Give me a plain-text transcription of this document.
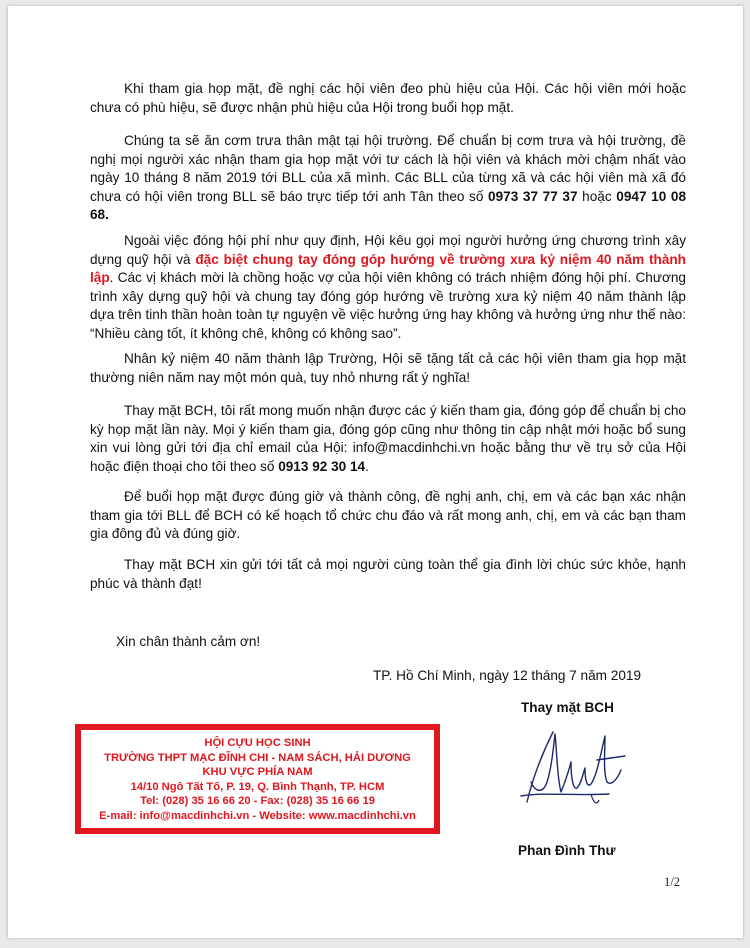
Khi tham gia họp mặt, đề nghị các hội viên đeo phù hiệu của Hội. Các hội viên mới hoặc chưa có phù hiệu, sẽ được nhận phù hiệu của Hội trong buổi họp mặt.

Chúng ta sẽ ăn cơm trưa thân mật tại hội trường. Để chuẩn bị cơm trưa và hội trường, đề nghị mọi người xác nhận tham gia họp mặt với tư cách là hội viên và khách mời chậm nhất vào ngày 10 tháng 8 năm 2019 tới BLL của xã mình. Các BLL của từng xã và các hội viên mà xã đó chưa có hội viên trong BLL sẽ báo trực tiếp tới anh Tân theo số 0973 37 77 37 hoặc 0947 10 08 68.

Ngoài việc đóng hội phí như quy định, Hội kêu gọi mọi người hưởng ứng chương trình xây dựng quỹ hội và đặc biệt chung tay đóng góp hướng về trường xưa kỷ niệm 40 năm thành lập. Các vị khách mời là chồng hoặc vợ của hội viên không có trách nhiệm đóng hội phí. Chương trình xây dựng quỹ hội và chung tay đóng góp hướng về trường xưa kỷ niệm 40 năm thành lập dựa trên tinh thần hoàn toàn tự nguyện về việc hưởng ứng hay không và hưởng ứng như thế nào: “Nhiều càng tốt, ít không chê, không có không sao”.

Nhân kỷ niệm 40 năm thành lập Trường, Hội sẽ tặng tất cả các hội viên tham gia họp mặt thường niên năm nay một món quà, tuy nhỏ nhưng rất ý nghĩa!

Thay mặt BCH, tôi rất mong muốn nhận được các ý kiến tham gia, đóng góp để chuẩn bị cho kỳ họp mặt lần này. Mọi ý kiến tham gia, đóng góp cũng như thông tin cập nhật mới hoặc bổ sung xin vui lòng gửi tới địa chỉ email của Hội: info@macdinhchi.vn hoặc bằng thư về trụ sở của Hội hoặc điện thoại cho tôi theo số 0913 92 30 14.

Để buổi họp mặt được đúng giờ và thành công, đề nghị anh, chị, em và các bạn xác nhận tham gia tới BLL để BCH có kế hoạch tổ chức chu đáo và rất mong anh, chị, em và các bạn tham gia đông đủ và đúng giờ.

Thay mặt BCH xin gửi tới tất cả mọi người cùng toàn thể gia đình lời chúc sức khỏe, hạnh phúc và thành đạt!

Xin chân thành cảm ơn!
TP. Hồ Chí Minh, ngày 12 tháng 7 năm 2019
Thay mặt BCH
HỘI CỰU HỌC SINH
TRƯỜNG THPT MẠC ĐĨNH CHI - NAM SÁCH, HẢI DƯƠNG
KHU VỰC PHÍA NAM
14/10 Ngô Tất Tố, P. 19, Q. Bình Thạnh, TP. HCM
Tel: (028) 35 16 66 20 - Fax: (028) 35 16 66 19
E-mail: info@macdinhchi.vn - Website: www.macdinhchi.vn
Phan Đình Thư
1/2
